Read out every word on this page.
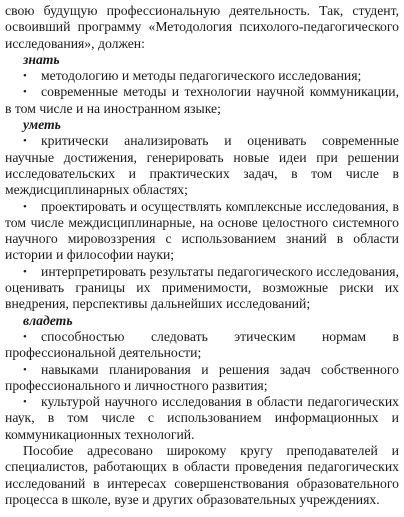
свою будущую профессиональную деятельность. Так, студент, освоивший программу «Методология психолого-педагогического исследования», должен:

знать

• методологию и методы педагогического исследования;

• современные методы и технологии научной коммуникации, в том числе и на иностранном языке;

уметь

• критически анализировать и оценивать современные научные достижения, генерировать новые идеи при решении исследовательских и практических задач, в том числе в междисциплинарных областях;

• проектировать и осуществлять комплексные исследования, в том числе междисциплинарные, на основе целостного системного научного мировоззрения с использованием знаний в области истории и философии науки;

• интерпретировать результаты педагогического исследования, оценивать границы их применимости, возможные риски их внедрения, перспективы дальнейших исследований;

владеть

• способностью следовать этическим нормам в профессиональной деятельности;

• навыками планирования и решения задач собственного профессионального и личностного развития;

• культурой научного исследования в области педагогических наук, в том числе с использованием информационных и коммуникационных технологий.

Пособие адресовано широкому кругу преподавателей и специалистов, работающих в области проведения педагогических исследований в интересах совершенствования образовательного процесса в школе, вузе и других образовательных учреждениях.
